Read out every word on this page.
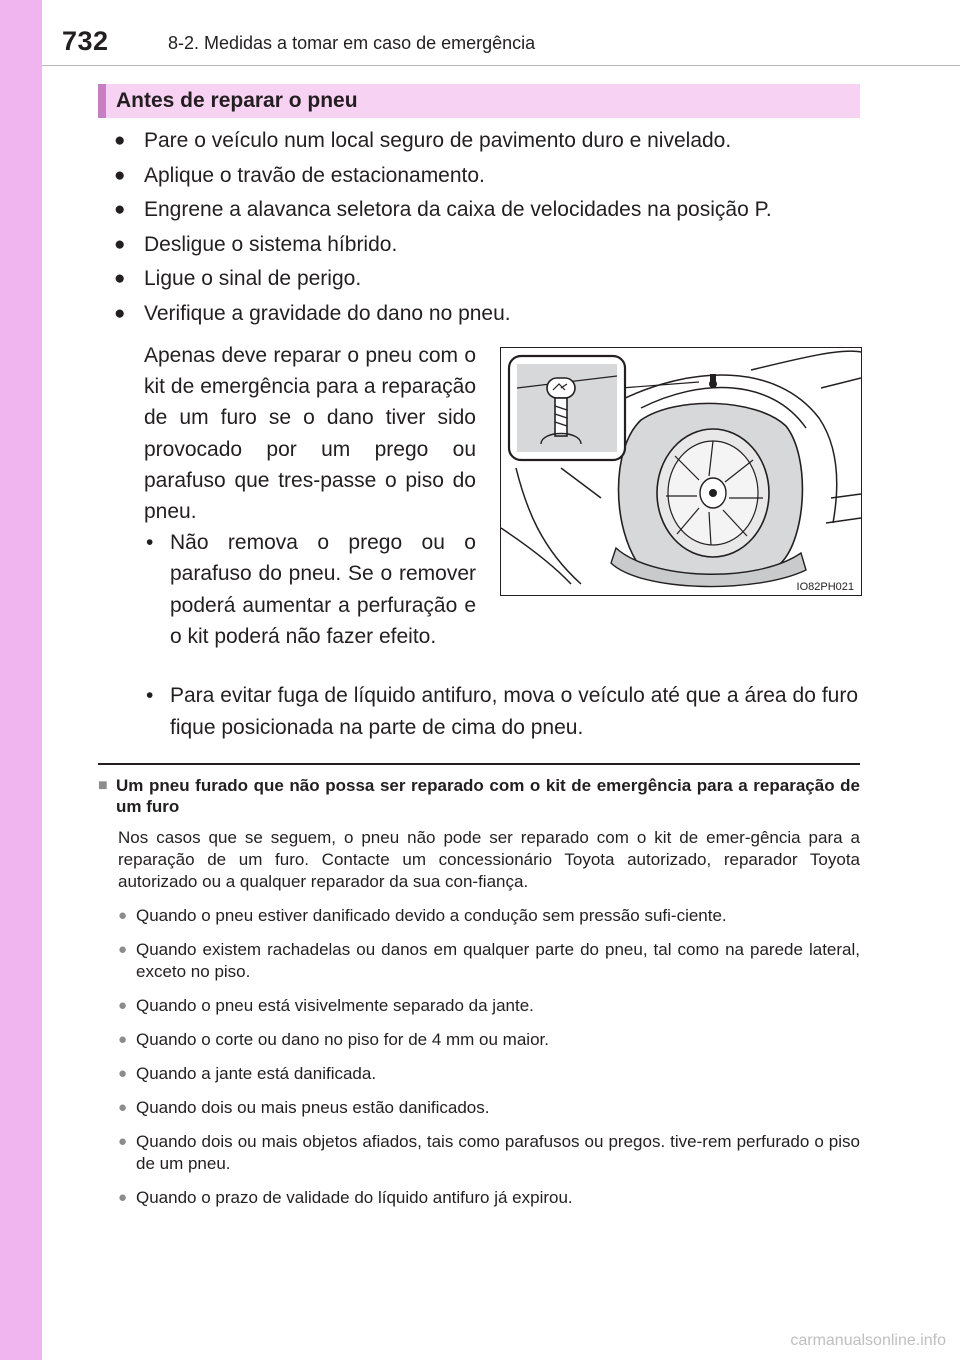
732	8-2. Medidas a tomar em caso de emergência
Antes de reparar o pneu
● Pare o veículo num local seguro de pavimento duro e nivelado.
● Aplique o travão de estacionamento.
● Engrene a alavanca seletora da caixa de velocidades na posição P.
● Desligue o sistema híbrido.
● Ligue o sinal de perigo.
● Verifique a gravidade do dano no pneu.

Apenas deve reparar o pneu com o kit de emergência para a reparação de um furo se o dano tiver sido provocado por um prego ou parafuso que tres-passe o piso do pneu.

• Não remova o prego ou o parafuso do pneu. Se o remover poderá aumentar a perfuração e o kit poderá não fazer efeito.
• Para evitar fuga de líquido antifuro, mova o veículo até que a área do furo fique posicionada na parte de cima do pneu.
IO82PH021
■ Um pneu furado que não possa ser reparado com o kit de emergência para a reparação de um furo

Nos casos que se seguem, o pneu não pode ser reparado com o kit de emer-gência para a reparação de um furo. Contacte um concessionário Toyota autorizado, reparador Toyota autorizado ou a qualquer reparador da sua con-fiança.

● Quando o pneu estiver danificado devido a condução sem pressão sufi-ciente.
● Quando existem rachadelas ou danos em qualquer parte do pneu, tal como na parede lateral, exceto no piso.
● Quando o pneu está visivelmente separado da jante.
● Quando o corte ou dano no piso for de 4 mm ou maior.
● Quando a jante está danificada.
● Quando dois ou mais pneus estão danificados.
● Quando dois ou mais objetos afiados, tais como parafusos ou pregos. tive-rem perfurado o piso de um pneu.
● Quando o prazo de validade do líquido antifuro já expirou.
carmanualsonline.info
